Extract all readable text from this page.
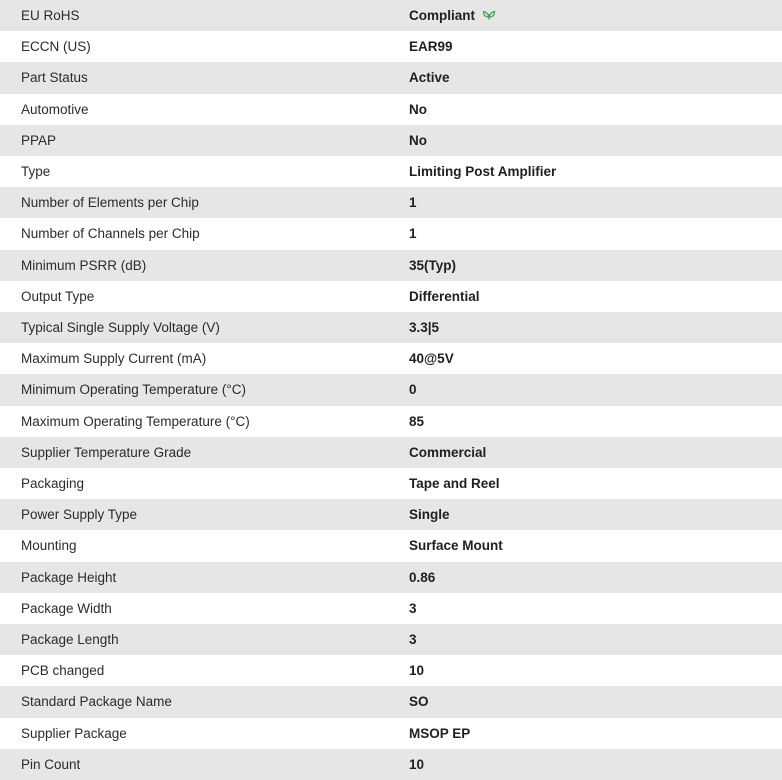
EU RoHS	Compliant
ECCN (US)	EAR99
Part Status	Active
Automotive	No
PPAP	No
Type	Limiting Post Amplifier
Number of Elements per Chip	1
Number of Channels per Chip	1
Minimum PSRR (dB)	35(Typ)
Output Type	Differential
Typical Single Supply Voltage (V)	3.3|5
Maximum Supply Current (mA)	40@5V
Minimum Operating Temperature (°C)	0
Maximum Operating Temperature (°C)	85
Supplier Temperature Grade	Commercial
Packaging	Tape and Reel
Power Supply Type	Single
Mounting	Surface Mount
Package Height	0.86
Package Width	3
Package Length	3
PCB changed	10
Standard Package Name	SO
Supplier Package	MSOP EP
Pin Count	10
